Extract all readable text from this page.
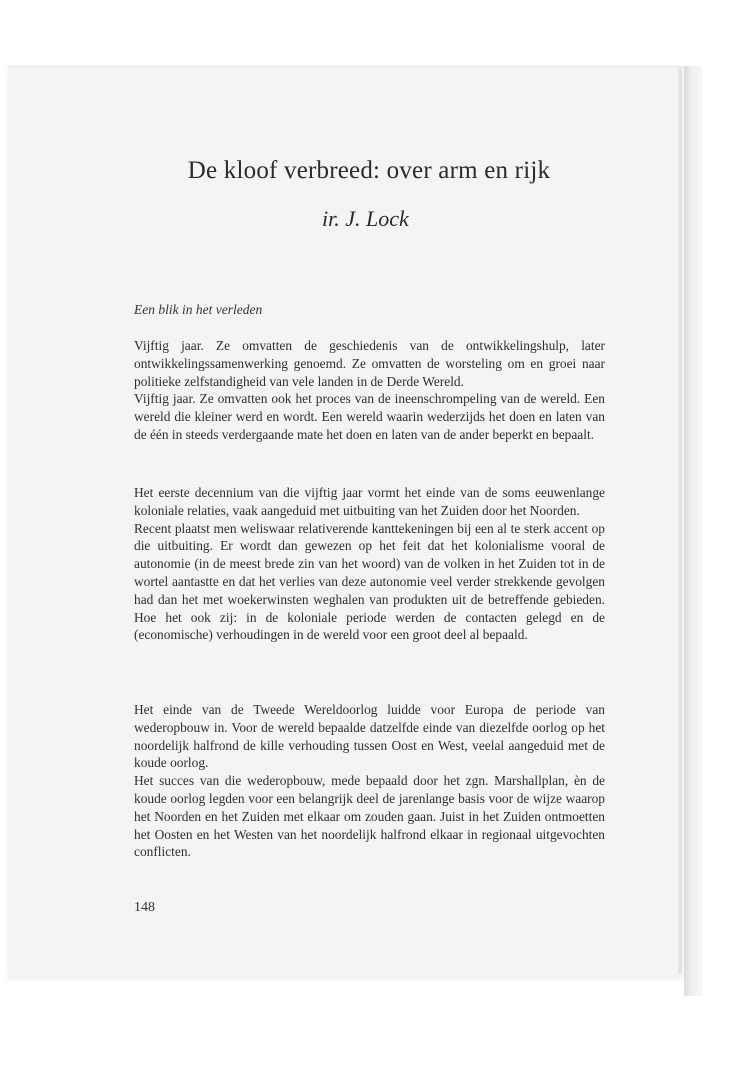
De kloof verbreed: over arm en rijk
ir. J. Lock
Een blik in het verleden

Vijftig jaar. Ze omvatten de geschiedenis van de ontwikkelingshulp, later ontwikkelingssamenwerking genoemd. Ze omvatten de worsteling om en groei naar politieke zelfstandigheid van vele landen in de Derde Wereld.

Vijftig jaar. Ze omvatten ook het proces van de ineenschrompeling van de wereld. Een wereld die kleiner werd en wordt. Een wereld waarin wederzijds het doen en laten van de één in steeds verdergaande mate het doen en laten van de ander beperkt en bepaalt.

Het eerste decennium van die vijftig jaar vormt het einde van de soms eeuwenlange koloniale relaties, vaak aangeduid met uitbuiting van het Zuiden door het Noorden.

Recent plaatst men weliswaar relativerende kanttekeningen bij een al te sterk accent op die uitbuiting. Er wordt dan gewezen op het feit dat het kolonialisme vooral de autonomie (in de meest brede zin van het woord) van de volken in het Zuiden tot in de wortel aantastte en dat het verlies van deze autonomie veel verder strekkende gevolgen had dan het met woekerwinsten weghalen van produkten uit de betreffende gebieden. Hoe het ook zij: in de koloniale periode werden de contacten gelegd en de (economische) verhoudingen in de wereld voor een groot deel al bepaald.

Het einde van de Tweede Wereldoorlog luidde voor Europa de periode van wederopbouw in. Voor de wereld bepaalde datzelfde einde van diezelfde oorlog op het noordelijk halfrond de kille verhouding tussen Oost en West, veelal aangeduid met de koude oorlog.

Het succes van die wederopbouw, mede bepaald door het zgn. Marshallplan, èn de koude oorlog legden voor een belangrijk deel de jarenlange basis voor de wijze waarop het Noorden en het Zuiden met elkaar om zouden gaan. Juist in het Zuiden ontmoetten het Oosten en het Westen van het noordelijk halfrond elkaar in regionaal uitgevochten conflicten.

148
